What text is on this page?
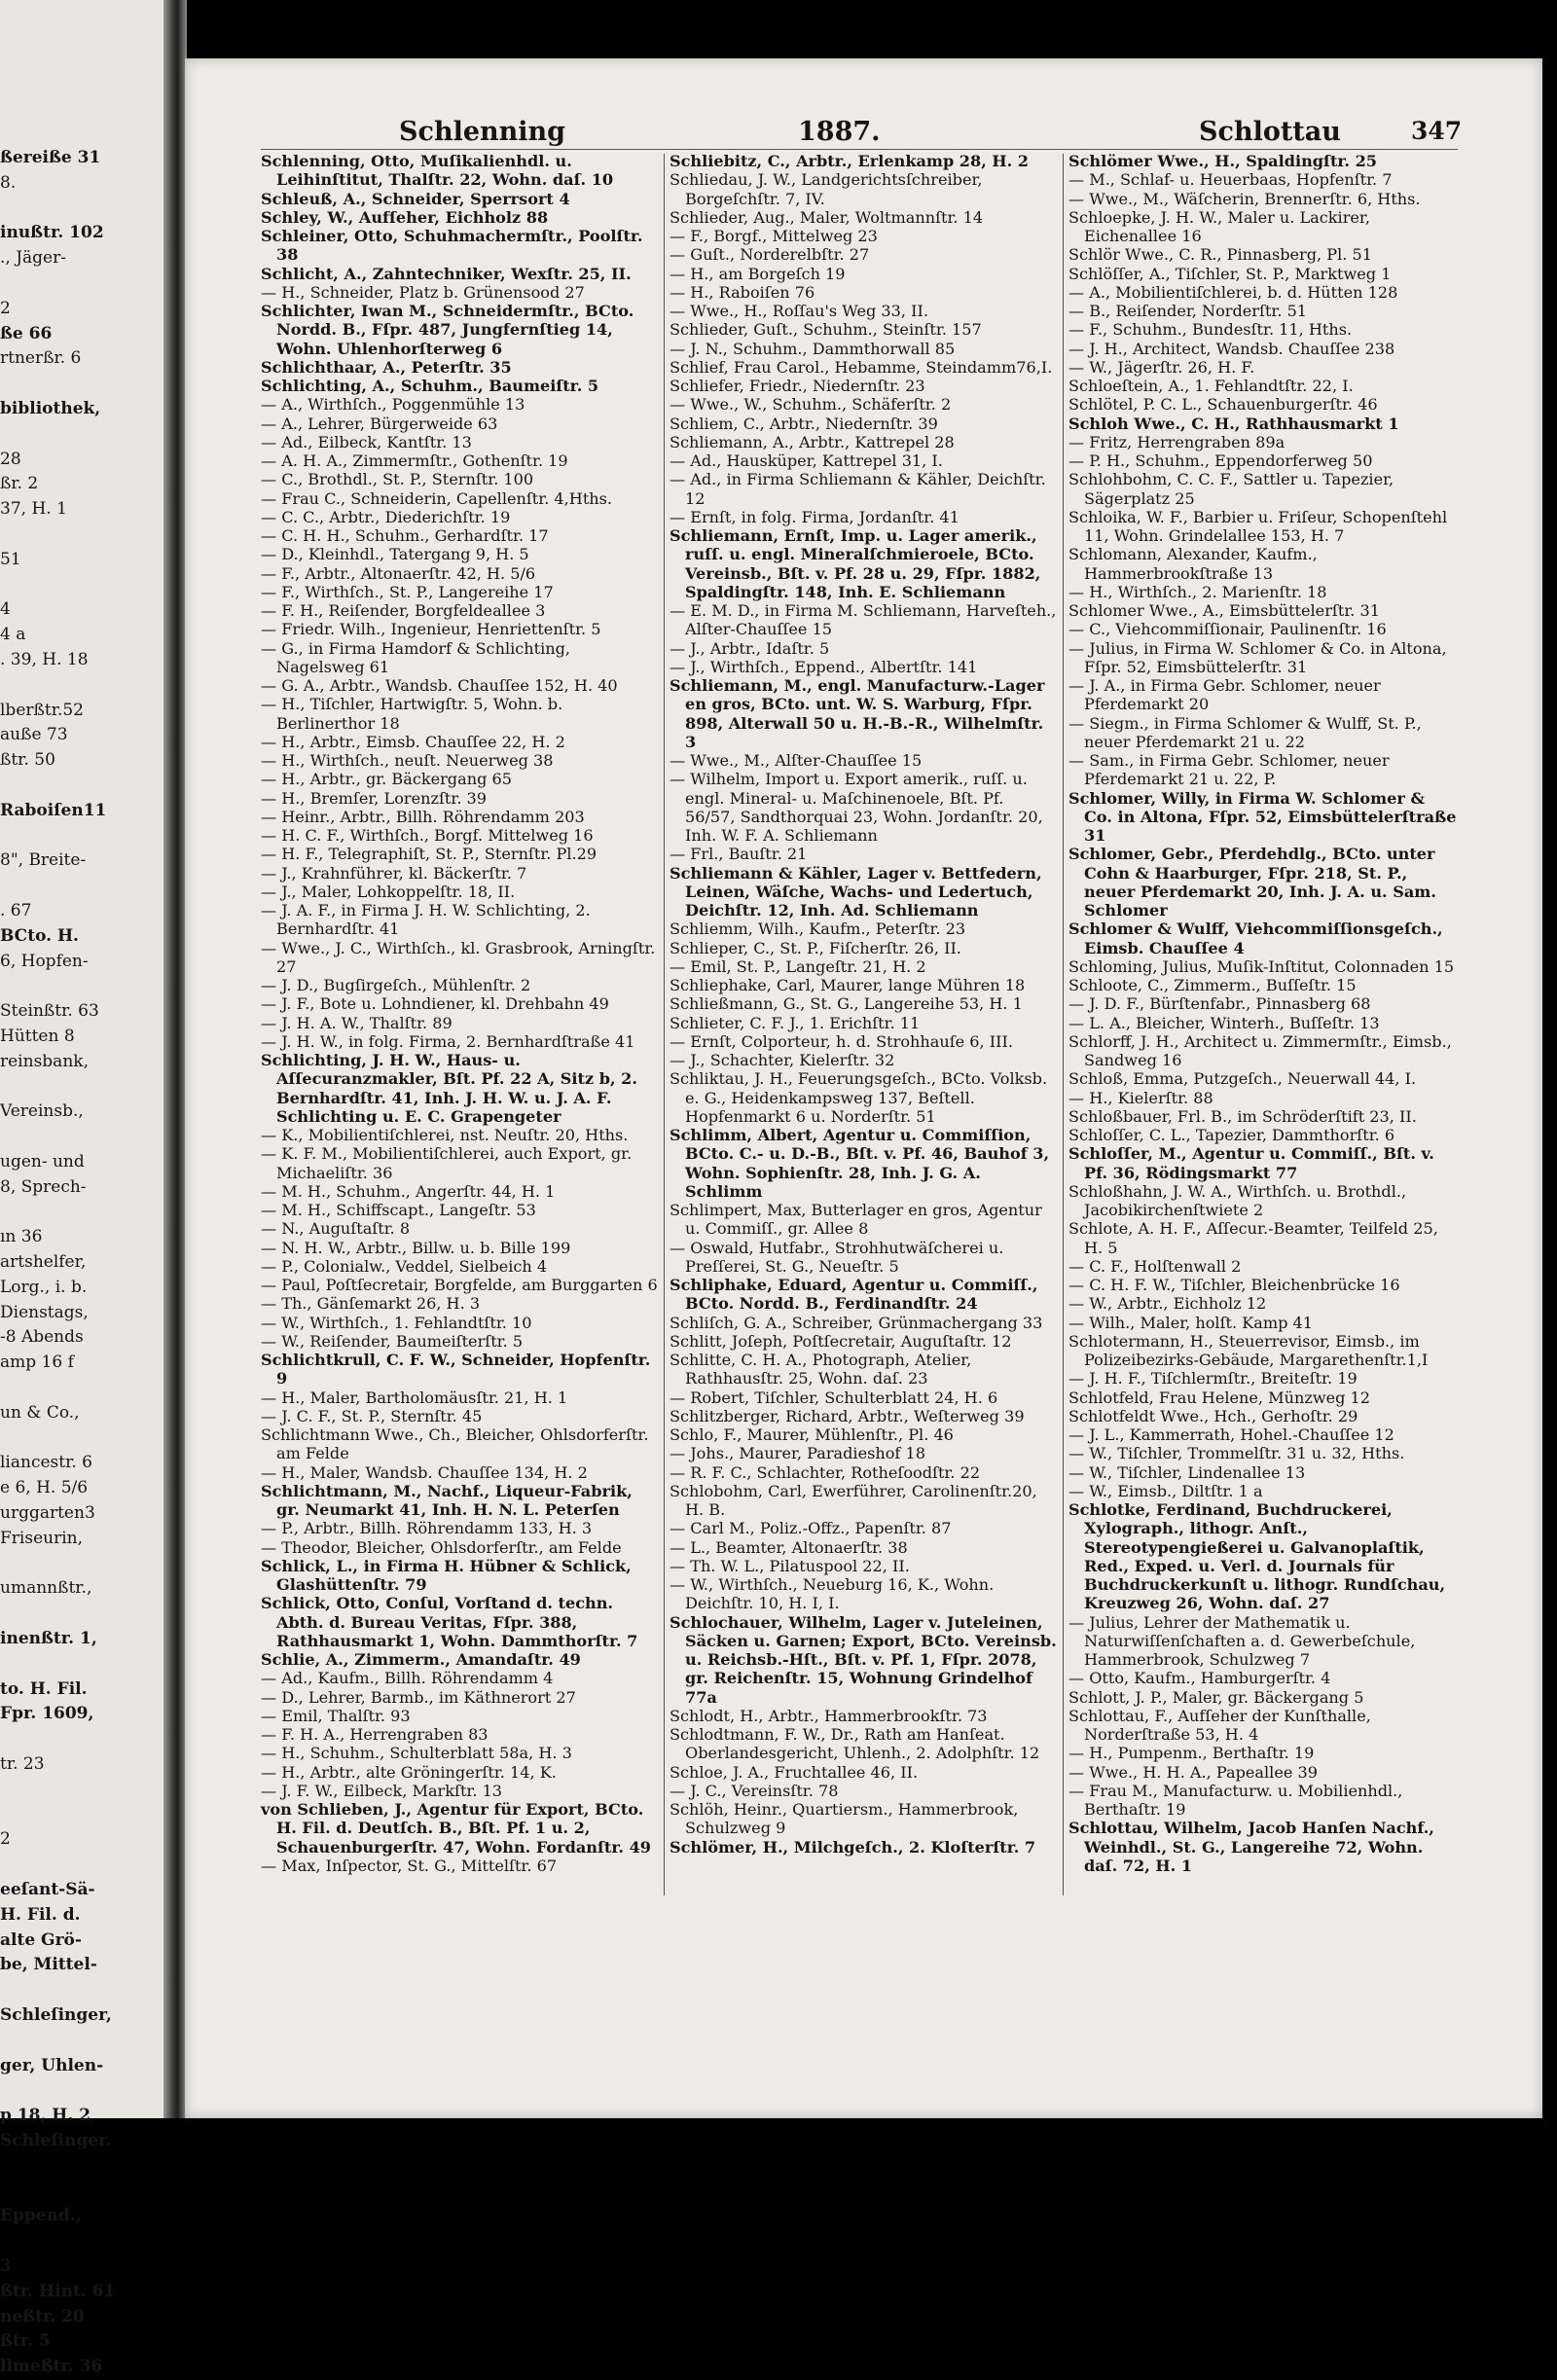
ßereiße 31
8.

inußtr. 102
., Jäger-

2
ße 66
rtnerßr. 6

bibliothek,

28
ßr. 2
37, H. 1

51

4
4 a
. 39, H. 18

lberßtr.52
auße 73
ßtr. 50

Raboiſen11

8", Breite-

. 67
BCto. H.
6, Hopfen-

Steinßtr. 63
Hütten 8
reinsbank,

Vereinsb.,

ugen- und
8, Sprech-

ın 36
artshelfer,
Lorg., i. b.
Dienstags,
-8 Abends
amp 16 f

un & Co.,

liancestr. 6
e 6, H. 5/6
urggarten3
Friseurin,

umannßtr.,

inenßtr. 1,

to. H. Fil.
Fpr. 1609,

tr. 23

2

eeſant-Sä-
H. Fil. d.
alte Grö-
be, Mittel-

Schleſinger,

ger, Uhlen-

p 18, H. 2
Schleſinger.

Eppend.,

3
ßtr. Hint. 61
neßtr. 20
ßtr. 5
llmeßtr. 36
Schlenning	1887.	Schlottau	347
Schlenning, Otto, Muſikalienhdl. u. Leihinſtitut, Thalſtr. 22, Wohn. daſ. 10
Schleuß, A., Schneider, Sperrsort 4
Schley, W., Aufſeher, Eichholz 88
Schleiner, Otto, Schuhmachermſtr., Poolſtr. 38
Schlicht, A., Zahntechniker, Wexſtr. 25, II.
— H., Schneider, Platz b. Grünensood 27
Schlichter, Iwan M., Schneidermſtr., BCto. Nordd. B., Fſpr. 487, Jungfernſtieg 14, Wohn. Uhlenhorſterweg 6
Schlichthaar, A., Peterſtr. 35
Schlichting, A., Schuhm., Baumeiſtr. 5
— A., Wirthſch., Poggenmühle 13
— A., Lehrer, Bürgerweide 63
— Ad., Eilbeck, Kantſtr. 13
— A. H. A., Zimmermſtr., Gothenſtr. 19
— C., Brothdl., St. P., Sternſtr. 100
— Frau C., Schneiderin, Capellenſtr. 4,Hths.
— C. C., Arbtr., Diederichſtr. 19
— C. H. H., Schuhm., Gerhardſtr. 17
— D., Kleinhdl., Tatergang 9, H. 5
— F., Arbtr., Altonaerſtr. 42, H. 5/6
— F., Wirthſch., St. P., Langereihe 17
— F. H., Reiſender, Borgfeldeallee 3
— Friedr. Wilh., Ingenieur, Henriettenſtr. 5
— G., in Firma Hamdorf & Schlichting, Nagelsweg 61
— G. A., Arbtr., Wandsb. Chauſſee 152, H. 40
— H., Tiſchler, Hartwigſtr. 5, Wohn. b. Berlinerthor 18
— H., Arbtr., Eimsb. Chauſſee 22, H. 2
— H., Wirthſch., neuſt. Neuerweg 38
— H., Arbtr., gr. Bäckergang 65
— H., Bremſer, Lorenzſtr. 39
— Heinr., Arbtr., Billh. Röhrendamm 203
— H. C. F., Wirthſch., Borgf. Mittelweg 16
— H. F., Telegraphiſt, St. P., Sternſtr. Pl.29
— J., Krahnführer, kl. Bäckerſtr. 7
— J., Maler, Lohkoppelſtr. 18, II.
— J. A. F., in Firma J. H. W. Schlichting, 2. Bernhardſtr. 41
— Wwe., J. C., Wirthſch., kl. Grasbrook, Arningſtr. 27
— J. D., Bugſirgeſch., Mühlenſtr. 2
— J. F., Bote u. Lohndiener, kl. Drehbahn 49
— J. H. A. W., Thalſtr. 89
— J. H. W., in folg. Firma, 2. Bernhardſtraße 41
Schlichting, J. H. W., Haus- u. Aſſecuranzmakler, Bſt. Pf. 22 A, Sitz b, 2. Bernhardſtr. 41, Inh. J. H. W. u. J. A. F. Schlichting u. E. C. Grapengeter
— K., Mobilientiſchlerei, nst. Neuſtr. 20, Hths.
— K. F. M., Mobilientiſchlerei, auch Export, gr. Michaeliſtr. 36
— M. H., Schuhm., Angerſtr. 44, H. 1
— M. H., Schiffscapt., Langeſtr. 53
— N., Auguſtaſtr. 8
— N. H. W., Arbtr., Billw. u. b. Bille 199
— P., Colonialw., Veddel, Sielbeich 4
— Paul, Poſtſecretair, Borgfelde, am Burggarten 6
— Th., Gänſemarkt 26, H. 3
— W., Wirthſch., 1. Fehlandtſtr. 10
— W., Reiſender, Baumeiſterſtr. 5
Schlichtkrull, C. F. W., Schneider, Hopfenſtr. 9
— H., Maler, Bartholomäusſtr. 21, H. 1
— J. C. F., St. P., Sternſtr. 45
Schlichtmann Wwe., Ch., Bleicher, Ohlsdorferſtr. am Felde
— H., Maler, Wandsb. Chauſſee 134, H. 2
Schlichtmann, M., Nachf., Liqueur-Fabrik, gr. Neumarkt 41, Inh. H. N. L. Peterſen
— P., Arbtr., Billh. Röhrendamm 133, H. 3
— Theodor, Bleicher, Ohlsdorferſtr., am Felde
Schlick, L., in Firma H. Hübner & Schlick, Glashüttenſtr. 79
Schlick, Otto, Conſul, Vorſtand d. techn. Abth. d. Bureau Veritas, Fſpr. 388, Rathhausmarkt 1, Wohn. Dammthorſtr. 7
Schlie, A., Zimmerm., Amandaſtr. 49
— Ad., Kaufm., Billh. Röhrendamm 4
— D., Lehrer, Barmb., im Käthnerort 27
— Emil, Thalſtr. 93
— F. H. A., Herrengraben 83
— H., Schuhm., Schulterblatt 58a, H. 3
— H., Arbtr., alte Gröningerſtr. 14, K.
— J. F. W., Eilbeck, Markſtr. 13
von Schlieben, J., Agentur für Export, BCto. H. Fil. d. Deutſch. B., Bſt. Pf. 1 u. 2, Schauenburgerſtr. 47, Wohn. Fordanſtr. 49
— Max, Inſpector, St. G., Mittelſtr. 67
Schliebitz, C., Arbtr., Erlenkamp 28, H. 2
Schliedau, J. W., Landgerichtsſchreiber, Borgeſchſtr. 7, IV.
Schlieder, Aug., Maler, Woltmannſtr. 14
— F., Borgf., Mittelweg 23
— Guſt., Norderelbſtr. 27
— H., am Borgeſch 19
— H., Raboiſen 76
— Wwe., H., Roſſau's Weg 33, II.
Schlieder, Guſt., Schuhm., Steinſtr. 157
— J. N., Schuhm., Dammthorwall 85
Schlief, Frau Carol., Hebamme, Steindamm76,I.
Schliefer, Friedr., Niedernſtr. 23
— Wwe., W., Schuhm., Schäferſtr. 2
Schliem, C., Arbtr., Niedernſtr. 39
Schliemann, A., Arbtr., Kattrepel 28
— Ad., Hausküper, Kattrepel 31, I.
— Ad., in Firma Schliemann & Kähler, Deichſtr. 12
— Ernſt, in folg. Firma, Jordanſtr. 41
Schliemann, Ernſt, Imp. u. Lager amerik., ruſſ. u. engl. Mineralſchmieroele, BCto. Vereinsb., Bſt. v. Pf. 28 u. 29, Fſpr. 1882, Spaldingſtr. 148, Inh. E. Schliemann
— E. M. D., in Firma M. Schliemann, Harveſteh., Alſter-Chauſſee 15
— J., Arbtr., Idaſtr. 5
— J., Wirthſch., Eppend., Albertſtr. 141
Schliemann, M., engl. Manufacturw.-Lager en gros, BCto. unt. W. S. Warburg, Fſpr. 898, Alterwall 50 u. H.-B.-R., Wilhelmſtr. 3
— Wwe., M., Alſter-Chauſſee 15
— Wilhelm, Import u. Export amerik., ruſſ. u. engl. Mineral- u. Maſchinenoele, Bſt. Pf. 56/57, Sandthorquai 23, Wohn. Jordanſtr. 20, Inh. W. F. A. Schliemann
— Frl., Bauſtr. 21
Schliemann & Kähler, Lager v. Bettfedern, Leinen, Wäſche, Wachs- und Ledertuch, Deichſtr. 12, Inh. Ad. Schliemann
Schliemm, Wilh., Kaufm., Peterſtr. 23
Schlieper, C., St. P., Fiſcherſtr. 26, II.
— Emil, St. P., Langeſtr. 21, H. 2
Schliephake, Carl, Maurer, lange Mühren 18
Schließmann, G., St. G., Langereihe 53, H. 1
Schlieter, C. F. J., 1. Erichſtr. 11
— Ernſt, Colporteur, h. d. Strohhauſe 6, III.
— J., Schachter, Kielerſtr. 32
Schliktau, J. H., Feuerungsgeſch., BCto. Volksb. e. G., Heidenkampsweg 137, Beſtell. Hopfenmarkt 6 u. Norderſtr. 51
Schlimm, Albert, Agentur u. Commiſſion, BCto. C.- u. D.-B., Bſt. v. Pf. 46, Bauhof 3, Wohn. Sophienſtr. 28, Inh. J. G. A. Schlimm
Schlimpert, Max, Butterlager en gros, Agentur u. Commiſſ., gr. Allee 8
— Oswald, Hutfabr., Strohhutwäſcherei u. Preſſerei, St. G., Neueſtr. 5
Schliphake, Eduard, Agentur u. Commiſſ., BCto. Nordd. B., Ferdinandſtr. 24
Schliſch, G. A., Schreiber, Grünmachergang 33
Schlitt, Joſeph, Poſtſecretair, Auguſtaſtr. 12
Schlitte, C. H. A., Photograph, Atelier, Rathhausſtr. 25, Wohn. daſ. 23
— Robert, Tiſchler, Schulterblatt 24, H. 6
Schlitzberger, Richard, Arbtr., Weſterweg 39
Schlo, F., Maurer, Mühlenſtr., Pl. 46
— Johs., Maurer, Paradieshof 18
— R. F. C., Schlachter, Rotheſoodſtr. 22
Schlobohm, Carl, Ewerführer, Carolinenſtr.20, H. B.
— Carl M., Poliz.-Offz., Papenſtr. 87
— L., Beamter, Altonaerſtr. 38
— Th. W. L., Pilatuspool 22, II.
— W., Wirthſch., Neueburg 16, K., Wohn. Deichſtr. 10, H. I, I.
Schlochauer, Wilhelm, Lager v. Juteleinen, Säcken u. Garnen; Export, BCto. Vereinsb. u. Reichsb.-Hſt., Bſt. v. Pf. 1, Fſpr. 2078, gr. Reichenſtr. 15, Wohnung Grindelhof 77a
Schlodt, H., Arbtr., Hammerbrookſtr. 73
Schlodtmann, F. W., Dr., Rath am Hanſeat. Oberlandesgericht, Uhlenh., 2. Adolphſtr. 12
Schloe, J. A., Fruchtallee 46, II.
— J. C., Vereinsſtr. 78
Schlöh, Heinr., Quartiersm., Hammerbrook, Schulzweg 9
Schlömer, H., Milchgeſch., 2. Kloſterſtr. 7
Schlömer Wwe., H., Spaldingſtr. 25
— M., Schlaf- u. Heuerbaas, Hopfenſtr. 7
— Wwe., M., Wäſcherin, Brennerſtr. 6, Hths.
Schloepke, J. H. W., Maler u. Lackirer, Eichenallee 16
Schlör Wwe., C. R., Pinnasberg, Pl. 51
Schlöſſer, A., Tiſchler, St. P., Marktweg 1
— A., Mobilientiſchlerei, b. d. Hütten 128
— B., Reiſender, Norderſtr. 51
— F., Schuhm., Bundesſtr. 11, Hths.
— J. H., Architect, Wandsb. Chauſſee 238
— W., Jägerſtr. 26, H. F.
Schloeſtein, A., 1. Fehlandtſtr. 22, I.
Schlötel, P. C. L., Schauenburgerſtr. 46
Schloh Wwe., C. H., Rathhausmarkt 1
— Fritz, Herrengraben 89a
— P. H., Schuhm., Eppendorferweg 50
Schlohbohm, C. C. F., Sattler u. Tapezier, Sägerplatz 25
Schloika, W. F., Barbier u. Friſeur, Schopenſtehl 11, Wohn. Grindelallee 153, H. 7
Schlomann, Alexander, Kaufm., Hammerbrookſtraße 13
— H., Wirthſch., 2. Marienſtr. 18
Schlomer Wwe., A., Eimsbüttelerſtr. 31
— C., Viehcommiſſionair, Paulinenſtr. 16
— Julius, in Firma W. Schlomer & Co. in Altona, Fſpr. 52, Eimsbüttelerſtr. 31
— J. A., in Firma Gebr. Schlomer, neuer Pferdemarkt 20
— Siegm., in Firma Schlomer & Wulff, St. P., neuer Pferdemarkt 21 u. 22
— Sam., in Firma Gebr. Schlomer, neuer Pferdemarkt 21 u. 22, P.
Schlomer, Willy, in Firma W. Schlomer & Co. in Altona, Fſpr. 52, Eimsbüttelerſtraße 31
Schlomer, Gebr., Pferdehdlg., BCto. unter Cohn & Haarburger, Fſpr. 218, St. P., neuer Pferdemarkt 20, Inh. J. A. u. Sam. Schlomer
Schlomer & Wulff, Viehcommiſſionsgeſch., Eimsb. Chauſſee 4
Schloming, Julius, Muſik-Inſtitut, Colonnaden 15
Schloote, C., Zimmerm., Buſſeſtr. 15
— J. D. F., Bürſtenfabr., Pinnasberg 68
— L. A., Bleicher, Winterh., Buſſeſtr. 13
Schlorff, J. H., Architect u. Zimmermſtr., Eimsb., Sandweg 16
Schloß, Emma, Putzgeſch., Neuerwall 44, I.
— H., Kielerſtr. 88
Schloßbauer, Frl. B., im Schröderſtift 23, II.
Schloſſer, C. L., Tapezier, Dammthorſtr. 6
Schloſſer, M., Agentur u. Commiſſ., Bſt. v. Pf. 36, Rödingsmarkt 77
Schloßhahn, J. W. A., Wirthſch. u. Brothdl., Jacobikirchenſtwiete 2
Schlote, A. H. F., Aſſecur.-Beamter, Teilfeld 25, H. 5
— C. F., Holſtenwall 2
— C. H. F. W., Tiſchler, Bleichenbrücke 16
— W., Arbtr., Eichholz 12
— Wilh., Maler, holſt. Kamp 41
Schlotermann, H., Steuerrevisor, Eimsb., im Polizeibezirks-Gebäude, Margarethenſtr.1,I
— J. H. F., Tiſchlermſtr., Breiteſtr. 19
Schlotfeld, Frau Helene, Münzweg 12
Schlotfeldt Wwe., Hch., Gerhoſtr. 29
— J. L., Kammerrath, Hohel.-Chauſſee 12
— W., Tiſchler, Trommelſtr. 31 u. 32, Hths.
— W., Tiſchler, Lindenallee 13
— W., Eimsb., Diltſtr. 1 a
Schlotke, Ferdinand, Buchdruckerei, Xylograph., lithogr. Anſt., Stereotypengießerei u. Galvanoplaſtik, Red., Exped. u. Verl. d. Journals für Buchdruckerkunſt u. lithogr. Rundſchau, Kreuzweg 26, Wohn. daſ. 27
— Julius, Lehrer der Mathematik u. Naturwiſſenſchaften a. d. Gewerbeſchule, Hammerbrook, Schulzweg 7
— Otto, Kaufm., Hamburgerſtr. 4
Schlott, J. P., Maler, gr. Bäckergang 5
Schlottau, F., Aufſeher der Kunſthalle, Norderſtraße 53, H. 4
— H., Pumpenm., Berthaſtr. 19
— Wwe., H. H. A., Papeallee 39
— Frau M., Manufacturw. u. Mobilienhdl., Berthaſtr. 19
Schlottau, Wilhelm, Jacob Hanſen Nachf., Weinhdl., St. G., Langereihe 72, Wohn. daſ. 72, H. 1
